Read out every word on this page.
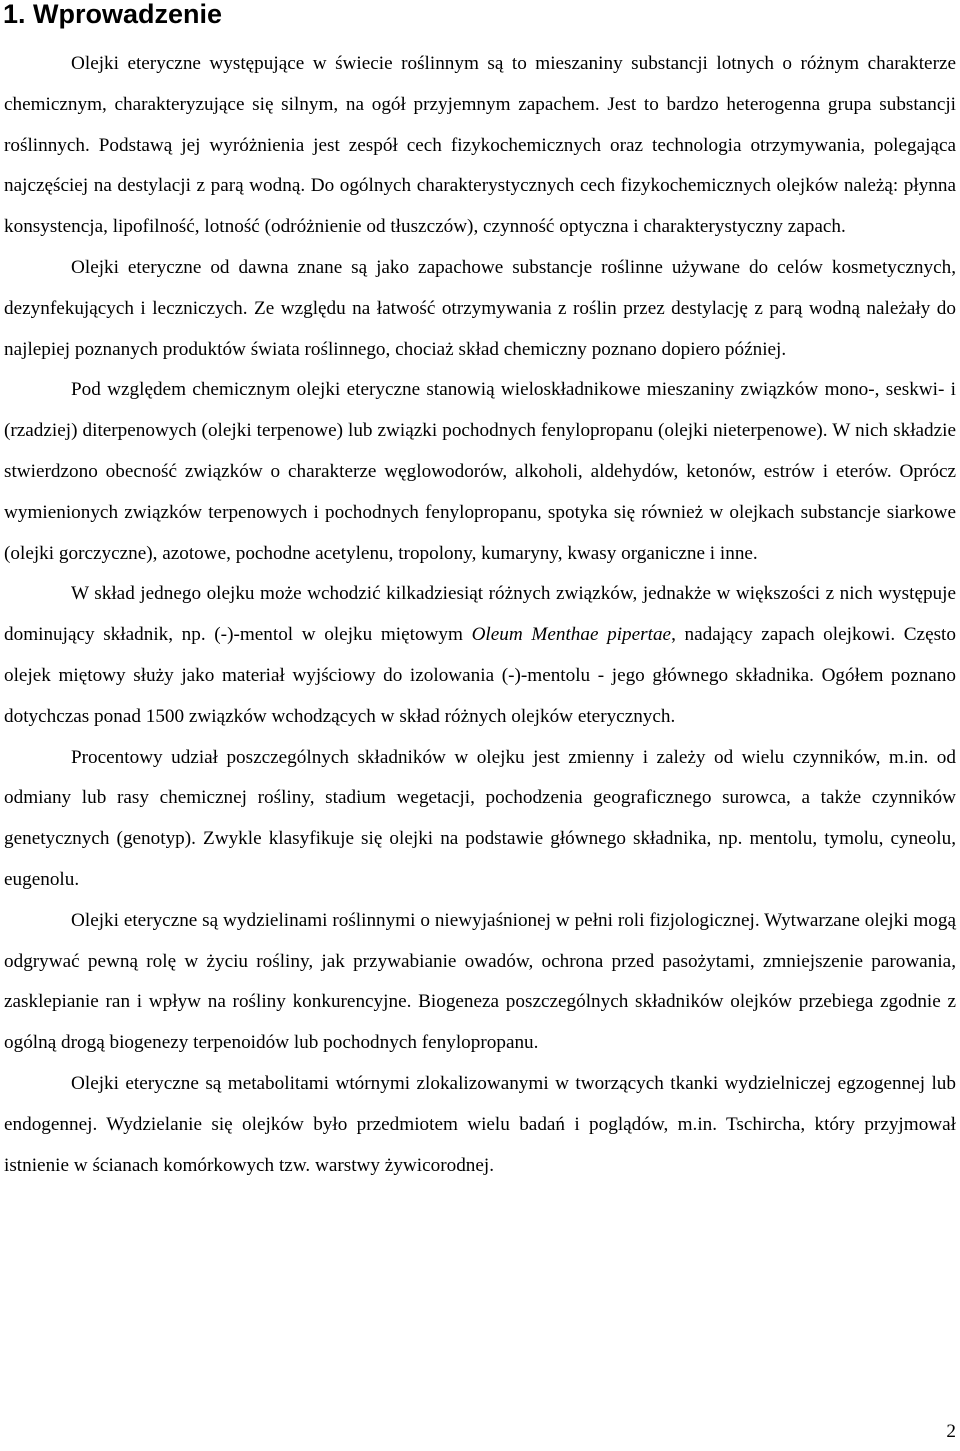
1. Wprowadzenie

Olejki eteryczne występujące w świecie roślinnym są to mieszaniny substancji lotnych o różnym charakterze chemicznym, charakteryzujące się silnym, na ogół przyjemnym zapachem. Jest to bardzo heterogenna grupa substancji roślinnych. Podstawą jej wyróżnienia jest zespół cech fizykochemicznych oraz technologia otrzymywania, polegająca najczęściej na destylacji z parą wodną. Do ogólnych charakterystycznych cech fizykochemicznych olejków należą: płynna konsystencja, lipofilność, lotność (odróżnienie od tłuszczów), czynność optyczna i charakterystyczny zapach.

Olejki eteryczne od dawna znane są jako zapachowe substancje roślinne używane do celów kosmetycznych, dezynfekujących i leczniczych. Ze względu na łatwość otrzymywania z roślin przez destylację z parą wodną należały do najlepiej poznanych produktów świata roślinnego, chociaż skład chemiczny poznano dopiero później.

Pod względem chemicznym olejki eteryczne stanowią wieloskładnikowe mieszaniny związków mono-, seskwi- i (rzadziej) diterpenowych (olejki terpenowe) lub związki pochodnych fenylopropanu (olejki nieterpenowe). W nich składzie stwierdzono obecność związków o charakterze węglowodorów, alkoholi, aldehydów, ketonów, estrów i eterów. Oprócz wymienionych związków terpenowych i pochodnych fenylopropanu, spotyka się również w olejkach substancje siarkowe (olejki gorczyczne), azotowe, pochodne acetylenu, tropolony, kumaryny, kwasy organiczne i inne.

W skład jednego olejku może wchodzić kilkadziesiąt różnych związków, jednakże w większości z nich występuje dominujący składnik, np. (-)-mentol w olejku miętowym Oleum Menthae pipertae, nadający zapach olejkowi. Często olejek miętowy służy jako materiał wyjściowy do izolowania (-)-mentolu - jego głównego składnika. Ogółem poznano dotychczas ponad 1500 związków wchodzących w skład różnych olejków eterycznych.

Procentowy udział poszczególnych składników w olejku jest zmienny i zależy od wielu czynników, m.in. od odmiany lub rasy chemicznej rośliny, stadium wegetacji, pochodzenia geograficznego surowca, a także czynników genetycznych (genotyp). Zwykle klasyfikuje się olejki na podstawie głównego składnika, np. mentolu, tymolu, cyneolu, eugenolu.

Olejki eteryczne są wydzielinami roślinnymi o niewyjaśnionej w pełni roli fizjologicznej. Wytwarzane olejki mogą odgrywać pewną rolę w życiu rośliny, jak przywabianie owadów, ochrona przed pasożytami, zmniejszenie parowania, zasklepianie ran i wpływ na rośliny konkurencyjne. Biogeneza poszczególnych składników olejków przebiega zgodnie z ogólną drogą biogenezy terpenoidów lub pochodnych fenylopropanu.

Olejki eteryczne są metabolitami wtórnymi zlokalizowanymi w tworzących tkanki wydzielniczej egzogennej lub endogennej. Wydzielanie się olejków było przedmiotem wielu badań i poglądów, m.in. Tschircha, który przyjmował istnienie w ścianach komórkowych tzw. warstwy żywicorodnej.

2
